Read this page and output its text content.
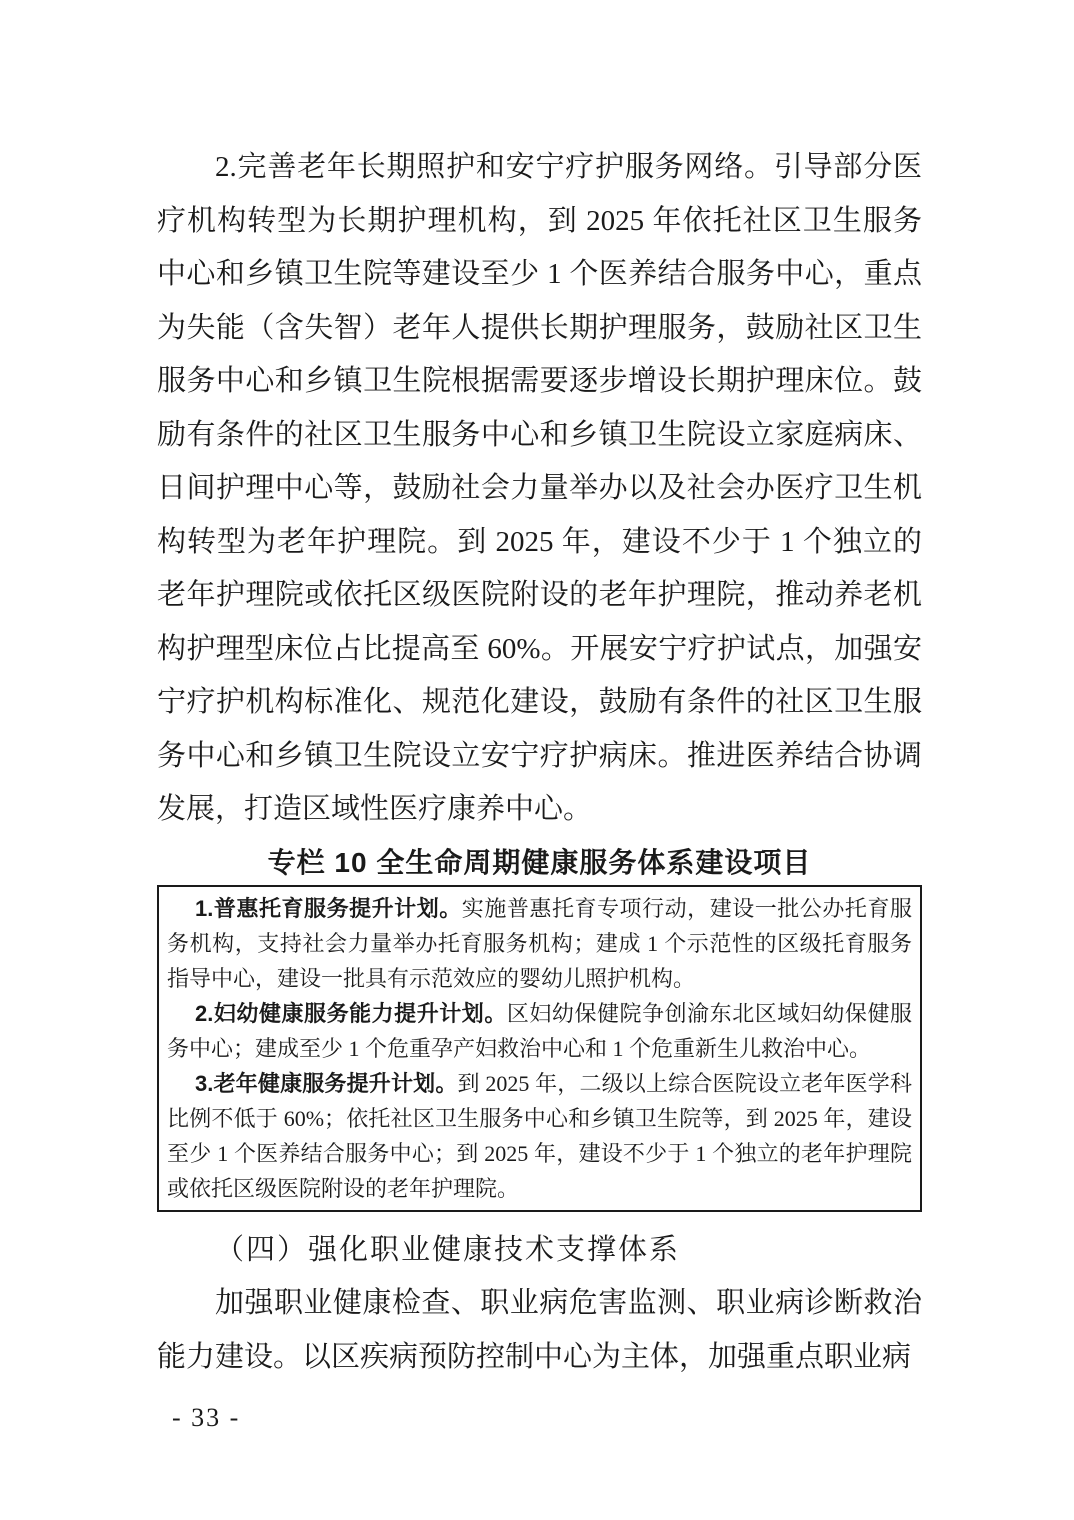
2.完善老年长期照护和安宁疗护服务网络。引导部分医疗机构转型为长期护理机构，到 2025 年依托社区卫生服务中心和乡镇卫生院等建设至少 1 个医养结合服务中心，重点为失能（含失智）老年人提供长期护理服务，鼓励社区卫生服务中心和乡镇卫生院根据需要逐步增设长期护理床位。鼓励有条件的社区卫生服务中心和乡镇卫生院设立家庭病床、日间护理中心等，鼓励社会力量举办以及社会办医疗卫生机构转型为老年护理院。到 2025 年，建设不少于 1 个独立的老年护理院或依托区级医院附设的老年护理院，推动养老机构护理型床位占比提高至 60%。开展安宁疗护试点，加强安宁疗护机构标准化、规范化建设，鼓励有条件的社区卫生服务中心和乡镇卫生院设立安宁疗护病床。推进医养结合协调发展，打造区域性医疗康养中心。

专栏 10 全生命周期健康服务体系建设项目

1.普惠托育服务提升计划。实施普惠托育专项行动，建设一批公办托育服务机构，支持社会力量举办托育服务机构；建成 1 个示范性的区级托育服务指导中心，建设一批具有示范效应的婴幼儿照护机构。

2.妇幼健康服务能力提升计划。区妇幼保健院争创渝东北区域妇幼保健服务中心；建成至少 1 个危重孕产妇救治中心和 1 个危重新生儿救治中心。

3.老年健康服务提升计划。到 2025 年，二级以上综合医院设立老年医学科比例不低于 60%；依托社区卫生服务中心和乡镇卫生院等，到 2025 年，建设至少 1 个医养结合服务中心；到 2025 年，建设不少于 1 个独立的老年护理院或依托区级医院附设的老年护理院。

（四）强化职业健康技术支撑体系

加强职业健康检查、职业病危害监测、职业病诊断救治能力建设。以区疾病预防控制中心为主体，加强重点职业病

- 33 -
